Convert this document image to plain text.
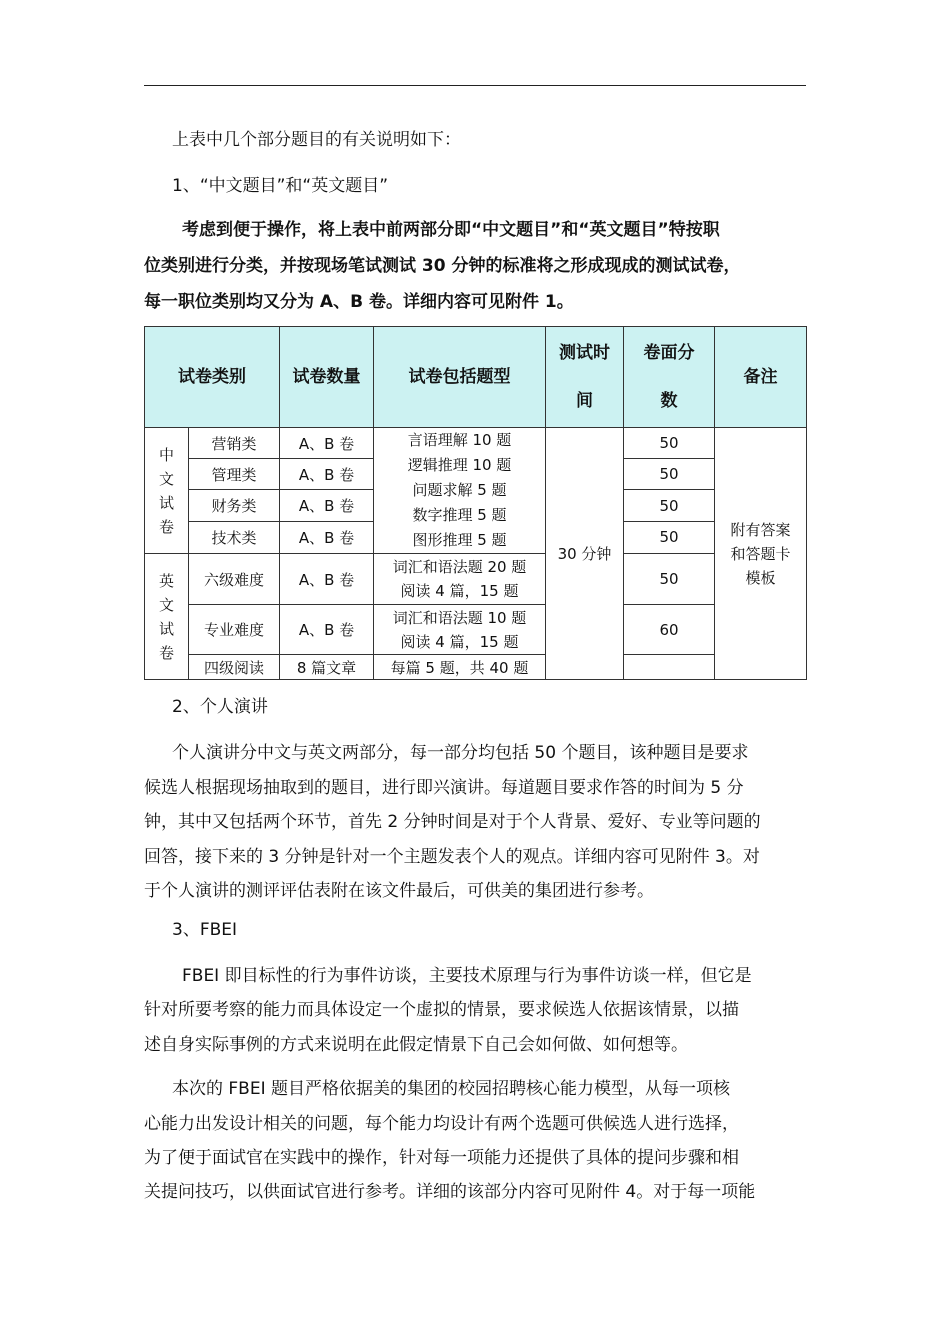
上表中几个部分题目的有关说明如下：
1、“中文题目”和“英文题目”
考虑到便于操作，将上表中前两部分即“中文题目”和“英文题目”特按职
位类别进行分类，并按现场笔试测试 30 分钟的标准将之形成现成的测试试卷，
每一职位类别均又分为 A、B 卷。详细内容可见附件 1。
试卷类别		试卷数量	试卷包括题型	测试时间	卷面分数	备注

中文试卷	营销类	A、B 卷	言语理解 10 题
逻辑推理 10 题
问题求解 5 题
数字推理 5 题
图形推理 5 题	30 分钟	50	附有答案和答题卡模板

	管理类	A、B 卷			50	
	财务类	A、B 卷			50	
	技术类	A、B 卷			50	

英文试卷	六级难度	A、B 卷	词汇和语法题 20 题
阅读 4 篇，15 题		50	
	专业难度	A、B 卷	词汇和语法题 10 题
阅读 4 篇，15 题		60	
	四级阅读	8 篇文章	每篇 5 题，共 40 题			
2、个人演讲
个人演讲分中文与英文两部分，每一部分均包括 50 个题目，该种题目是要求
候选人根据现场抽取到的题目，进行即兴演讲。每道题目要求作答的时间为 5 分
钟，其中又包括两个环节，首先 2 分钟时间是对于个人背景、爱好、专业等问题的
回答，接下来的 3 分钟是针对一个主题发表个人的观点。详细内容可见附件 3。对
于个人演讲的测评评估表附在该文件最后，可供美的集团进行参考。
3、FBEI
FBEI 即目标性的行为事件访谈，主要技术原理与行为事件访谈一样，但它是
针对所要考察的能力而具体设定一个虚拟的情景，要求候选人依据该情景，以描
述自身实际事例的方式来说明在此假定情景下自己会如何做、如何想等。
本次的 FBEI 题目严格依据美的集团的校园招聘核心能力模型，从每一项核
心能力出发设计相关的问题，每个能力均设计有两个选题可供候选人进行选择，
为了便于面试官在实践中的操作，针对每一项能力还提供了具体的提问步骤和相
关提问技巧，以供面试官进行参考。详细的该部分内容可见附件 4。对于每一项能
